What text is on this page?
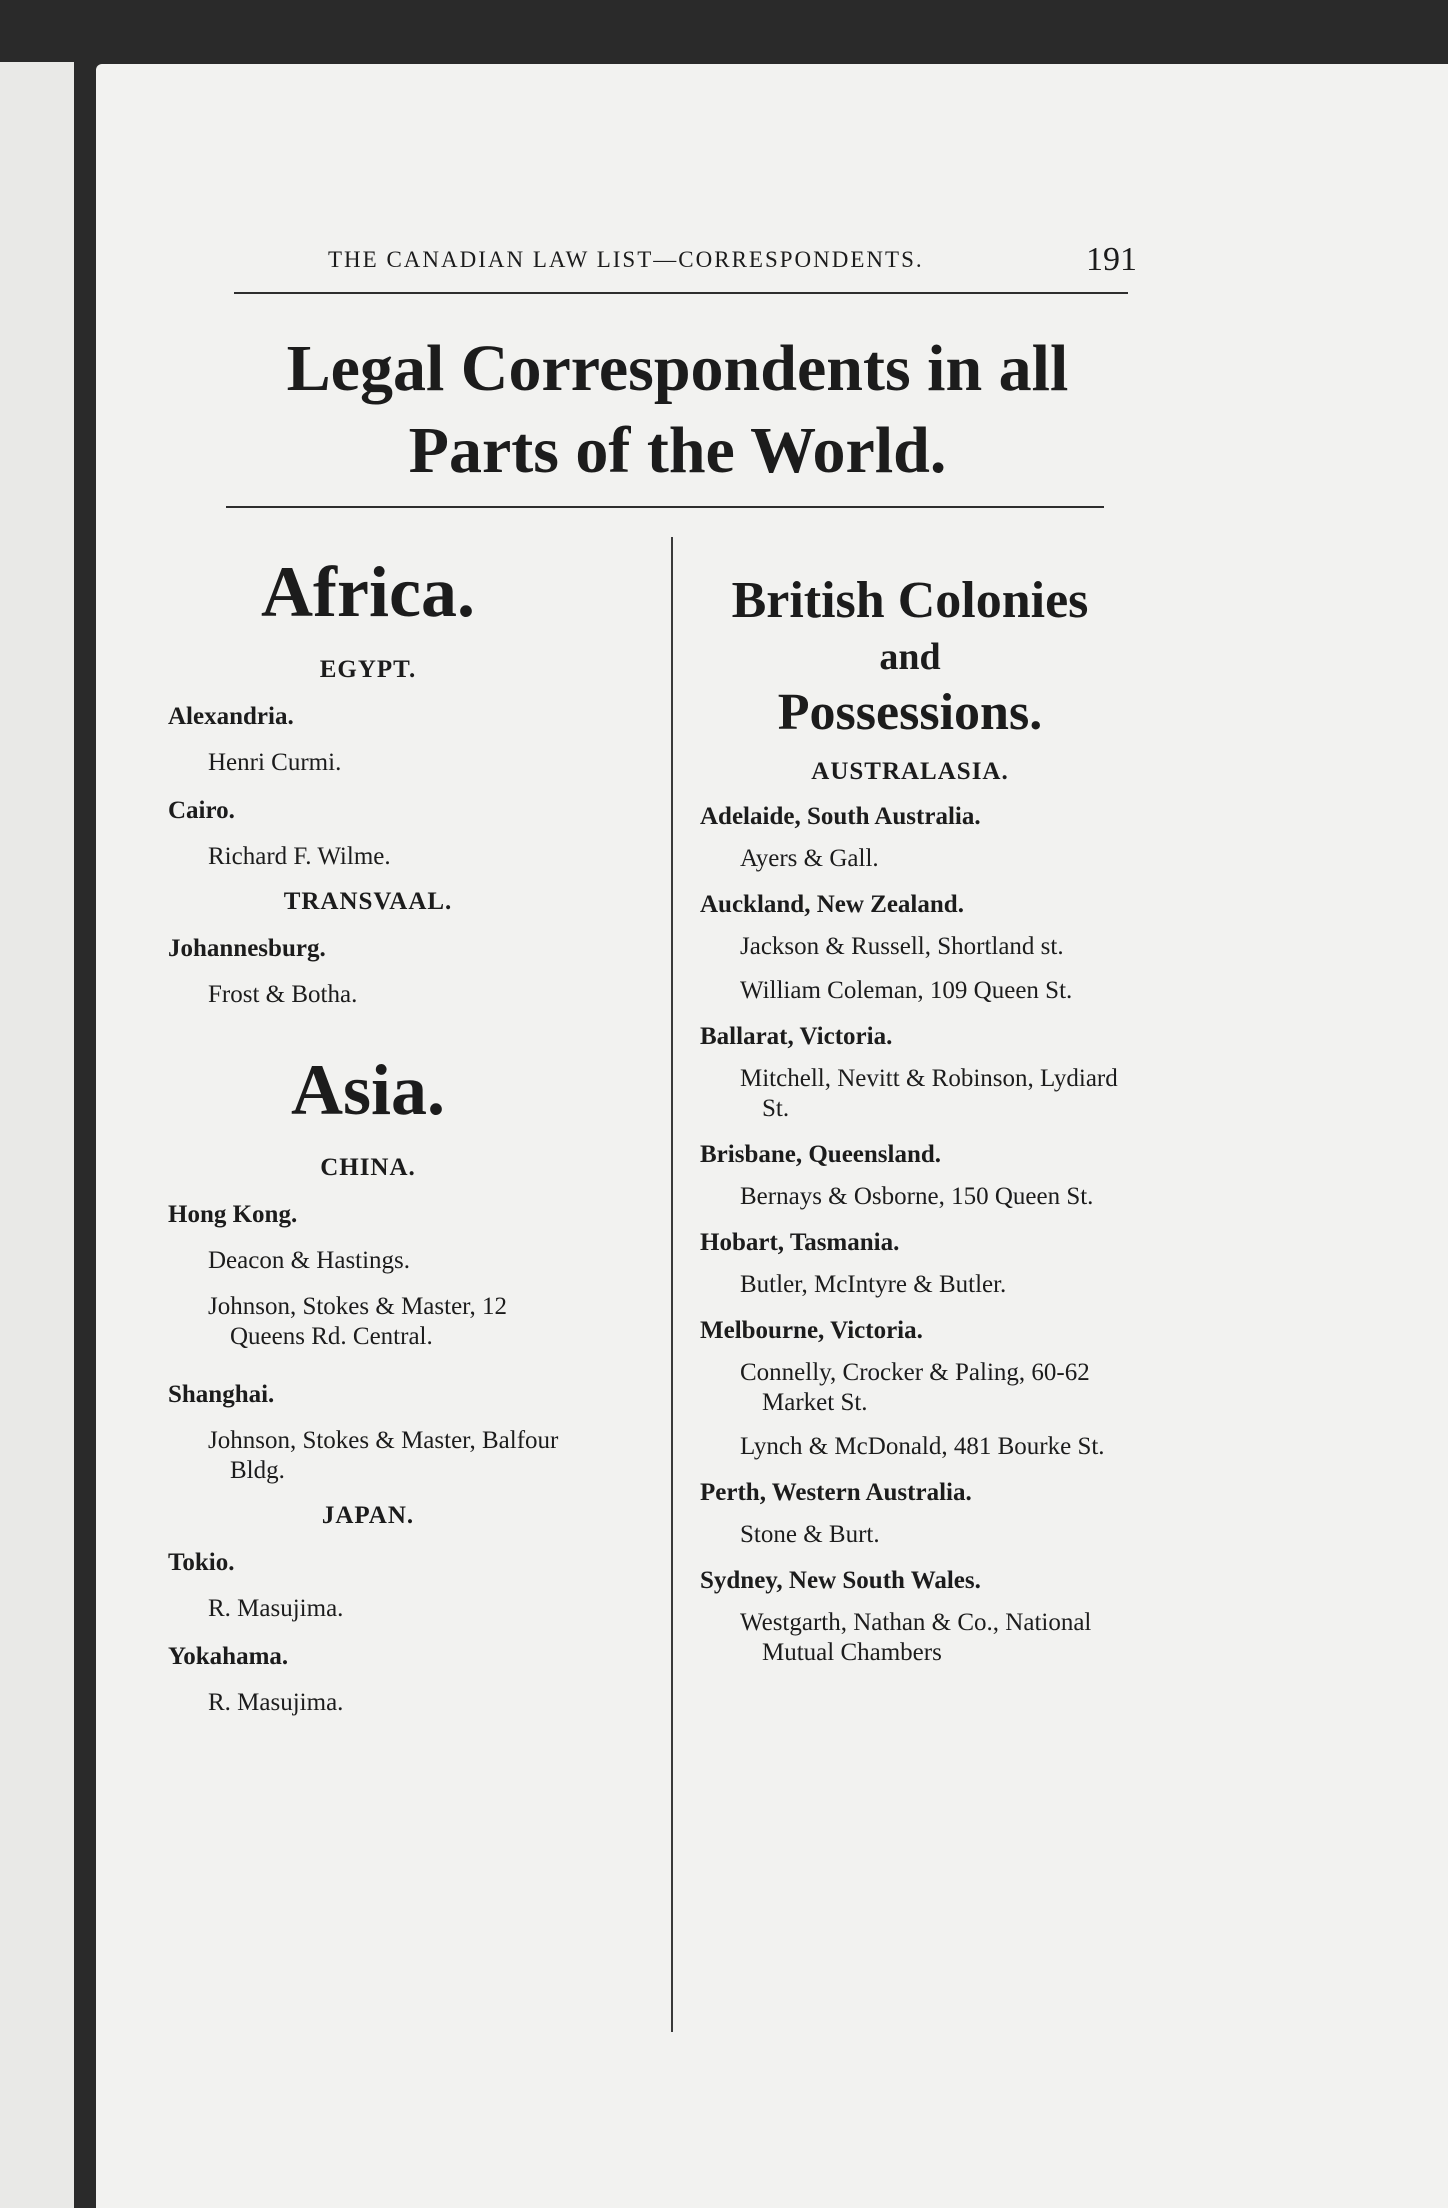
THE CANADIAN LAW LIST—CORRESPONDENTS.	191
Legal Correspondents in all
Parts of the World.
Africa.
EGYPT.
Alexandria.
Henri Curmi.
Cairo.
Richard F. Wilme.
TRANSVAAL.
Johannesburg.
Frost & Botha.
Asia.
CHINA.
Hong Kong.
Deacon & Hastings.
Johnson, Stokes & Master, 12 Queens Rd. Central.
Shanghai.
Johnson, Stokes & Master, Balfour Bldg.
JAPAN.
Tokio.
R. Masujima.
Yokahama.
R. Masujima.
British Colonies
and
Possessions.
AUSTRALASIA.
Adelaide, South Australia.
Ayers & Gall.
Auckland, New Zealand.
Jackson & Russell, Shortland st.
William Coleman, 109 Queen St.
Ballarat, Victoria.
Mitchell, Nevitt & Robinson, Lydiard St.
Brisbane, Queensland.
Bernays & Osborne, 150 Queen St.
Hobart, Tasmania.
Butler, McIntyre & Butler.
Melbourne, Victoria.
Connelly, Crocker & Paling, 60-62 Market St.
Lynch & McDonald, 481 Bourke St.
Perth, Western Australia.
Stone & Burt.
Sydney, New South Wales.
Westgarth, Nathan & Co., National Mutual Chambers
